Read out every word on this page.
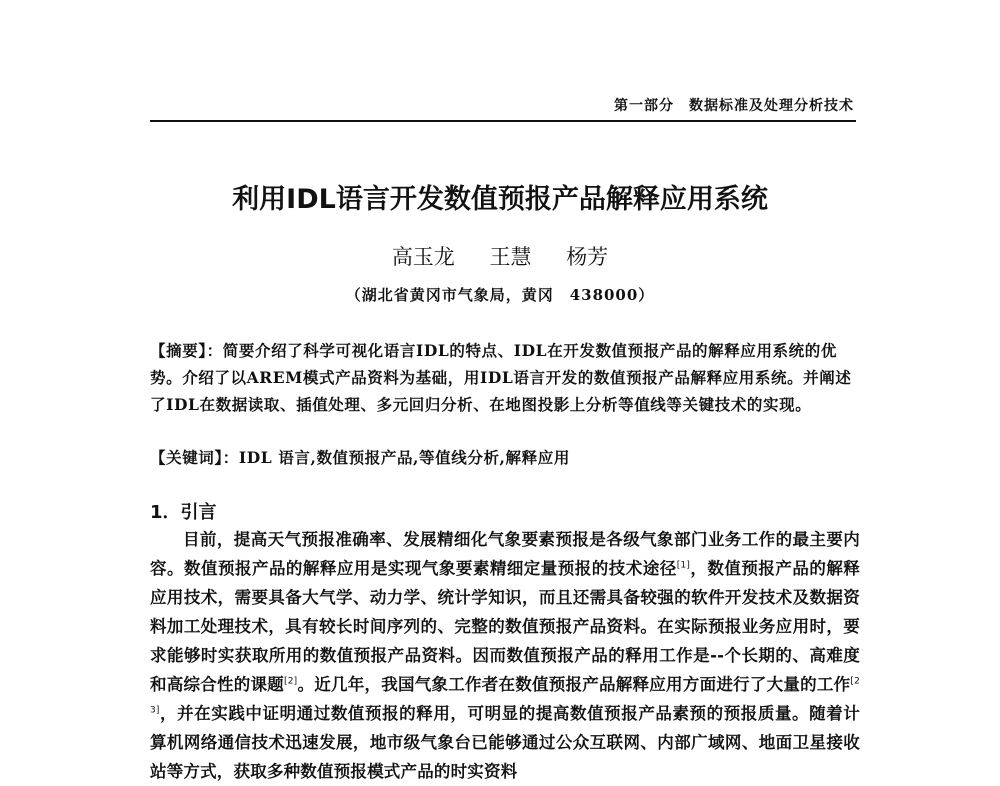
第一部分　数据标准及处理分析技术
利用IDL语言开发数值预报产品解释应用系统
高玉龙 王慧 杨芳
（湖北省黄冈市气象局，黄冈　438000）
【摘要】：简要介绍了科学可视化语言IDL的特点、IDL在开发数值预报产品的解释应用系统的优势。介绍了以AREM模式产品资料为基础，用IDL语言开发的数值预报产品解释应用系统。并阐述了IDL在数据读取、插值处理、多元回归分析、在地图投影上分析等值线等关键技术的实现。
【关键词】：IDL 语言,数值预报产品,等值线分析,解释应用
1．引言
目前，提高天气预报准确率、发展精细化气象要素预报是各级气象部门业务工作的最主要内容。数值预报产品的解释应用是实现气象要素精细定量预报的技术途径[1]，数值预报产品的解释应用技术，需要具备大气学、动力学、统计学知识，而且还需具备较强的软件开发技术及数据资料加工处理技术，具有较长时间序列的、完整的数值预报产品资料。在实际预报业务应用时，要求能够时实获取所用的数值预报产品资料。因而数值预报产品的释用工作是--个长期的、高难度和高综合性的课题[2]。近几年，我国气象工作者在数值预报产品解释应用方面进行了大量的工作[2 3]，并在实践中证明通过数值预报的释用，可明显的提高数值预报产品素预的预报质量。随着计算机网络通信技术迅速发展，地市级气象台已能够通过公众互联网、内部广域网、地面卫星接收站等方式，获取多种数值预报模式产品的时实资料
